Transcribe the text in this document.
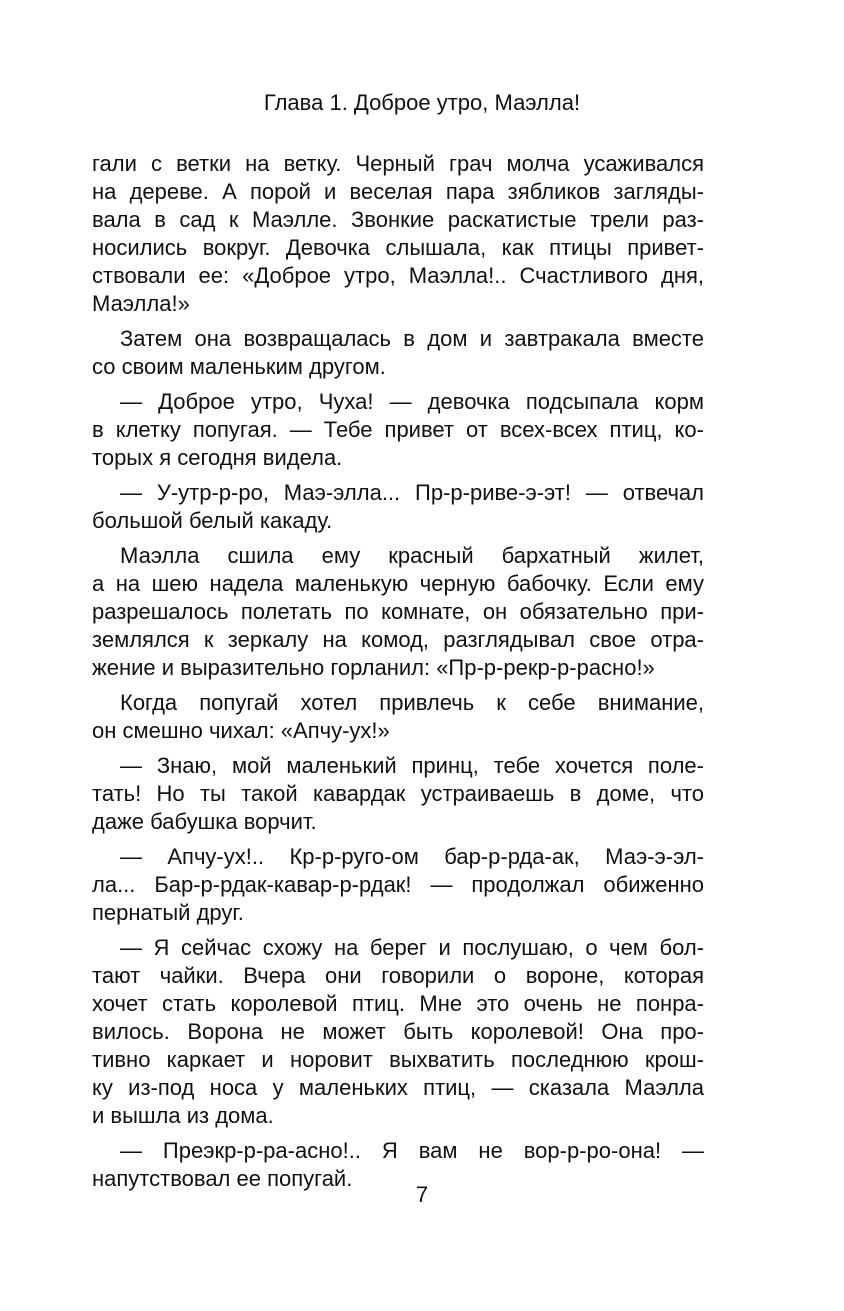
Глава 1. Доброе утро, Маэлла!
гали с ветки на ветку. Черный грач молча усаживался
на дереве. А порой и веселая пара зябликов загляды-
вала в сад к Маэлле. Звонкие раскатистые трели раз-
носились вокруг. Девочка слышала, как птицы привет-
ствовали ее: «Доброе утро, Маэлла!.. Счастливого дня,
Маэлла!»
Затем она возвращалась в дом и завтракала вместе
со своим маленьким другом.
— Доброе утро, Чуха! — девочка подсыпала корм
в клетку попугая. — Тебе привет от всех-всех птиц, ко-
торых я сегодня видела.
— У-утр-р-ро, Маэ-элла... Пр-р-риве-э-эт! — отвечал
большой белый какаду.
Маэлла сшила ему красный бархатный жилет,
а на шею надела маленькую черную бабочку. Если ему
разрешалось полетать по комнате, он обязательно при-
землялся к зеркалу на комод, разглядывал свое отра-
жение и выразительно горланил: «Пр-р-рекр-р-расно!»
Когда попугай хотел привлечь к себе внимание,
он смешно чихал: «Апчу-ух!»
— Знаю, мой маленький принц, тебе хочется поле-
тать! Но ты такой кавардак устраиваешь в доме, что
даже бабушка ворчит.
— Апчу-ух!.. Кр-р-руго-ом бар-р-рда-ак, Маэ-э-эл-
ла... Бар-р-рдак-кавар-р-рдак! — продолжал обиженно
пернатый друг.
— Я сейчас схожу на берег и послушаю, о чем бол-
тают чайки. Вчера они говорили о вороне, которая
хочет стать королевой птиц. Мне это очень не понра-
вилось. Ворона не может быть королевой! Она про-
тивно каркает и норовит выхватить последнюю крош-
ку из-под носа у маленьких птиц, — сказала Маэлла
и вышла из дома.
— Преэкр-р-ра-асно!.. Я вам не вор-р-ро-она! —
напутствовал ее попугай.
7
